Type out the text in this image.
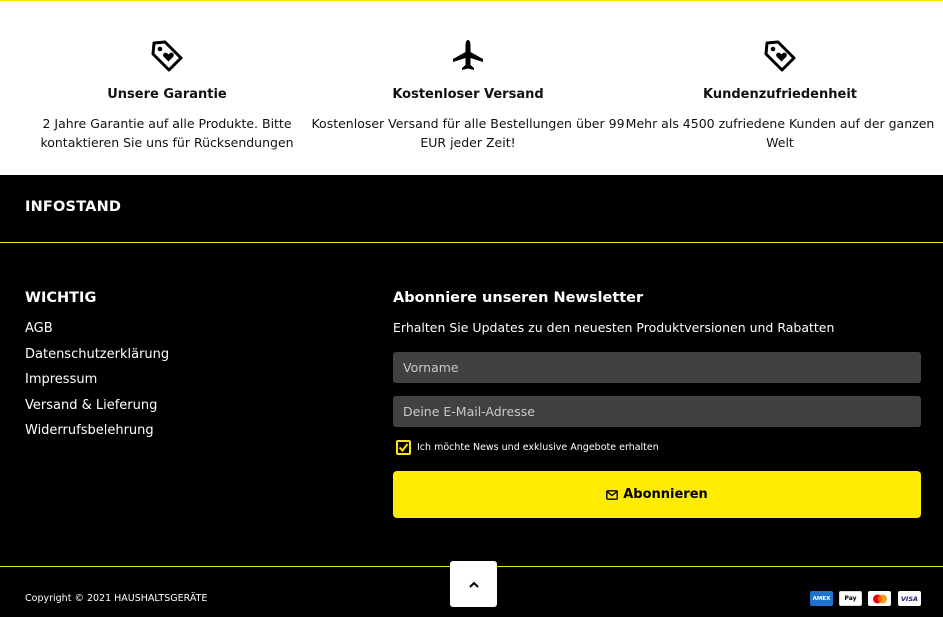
Unsere Garantie
2 Jahre Garantie auf alle Produkte. Bitte kontaktieren Sie uns für Rücksendungen
Kostenloser Versand
Kostenloser Versand für alle Bestellungen über 99 EUR jeder Zeit!
Kundenzufriedenheit
Mehr als 4500 zufriedene Kunden auf der ganzen Welt
INFOSTAND
WICHTIG
AGB
Datenschutzerklärung
Impressum
Versand & Lieferung
Widerrufsbelehrung
Abonniere unseren Newsletter
Erhalten Sie Updates zu den neuesten Produktversionen und Rabatten
Vorname
Deine E-Mail-Adresse
Ich möchte News und exklusive Angebote erhalten
Abonnieren
Copyright © 2021 HAUSHALTSGERÄTE	AMEX	Pay	VISA
